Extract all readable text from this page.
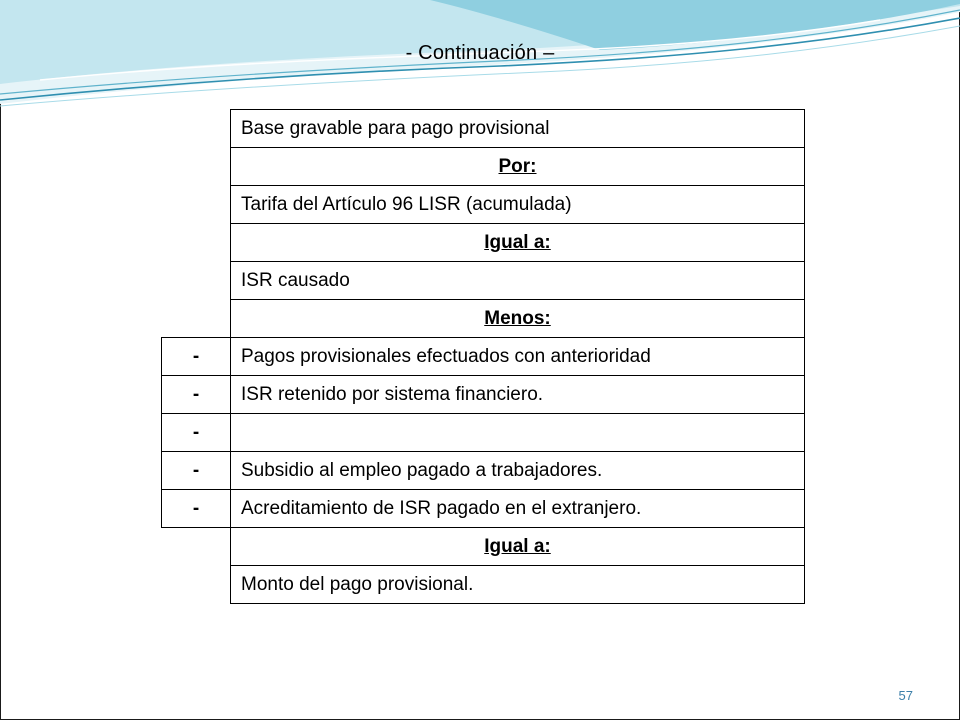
- Continuación –
	Base gravable para pago provisional
	Por:
	Tarifa del Artículo 96 LISR (acumulada)
	Igual a:
	ISR causado
	Menos:
-	Pagos provisionales efectuados con anterioridad
-	ISR retenido por sistema financiero.
-	
-	Subsidio al empleo pagado a trabajadores.
-	Acreditamiento de ISR pagado en el extranjero.
	Igual a:
	Monto del pago provisional.
57
